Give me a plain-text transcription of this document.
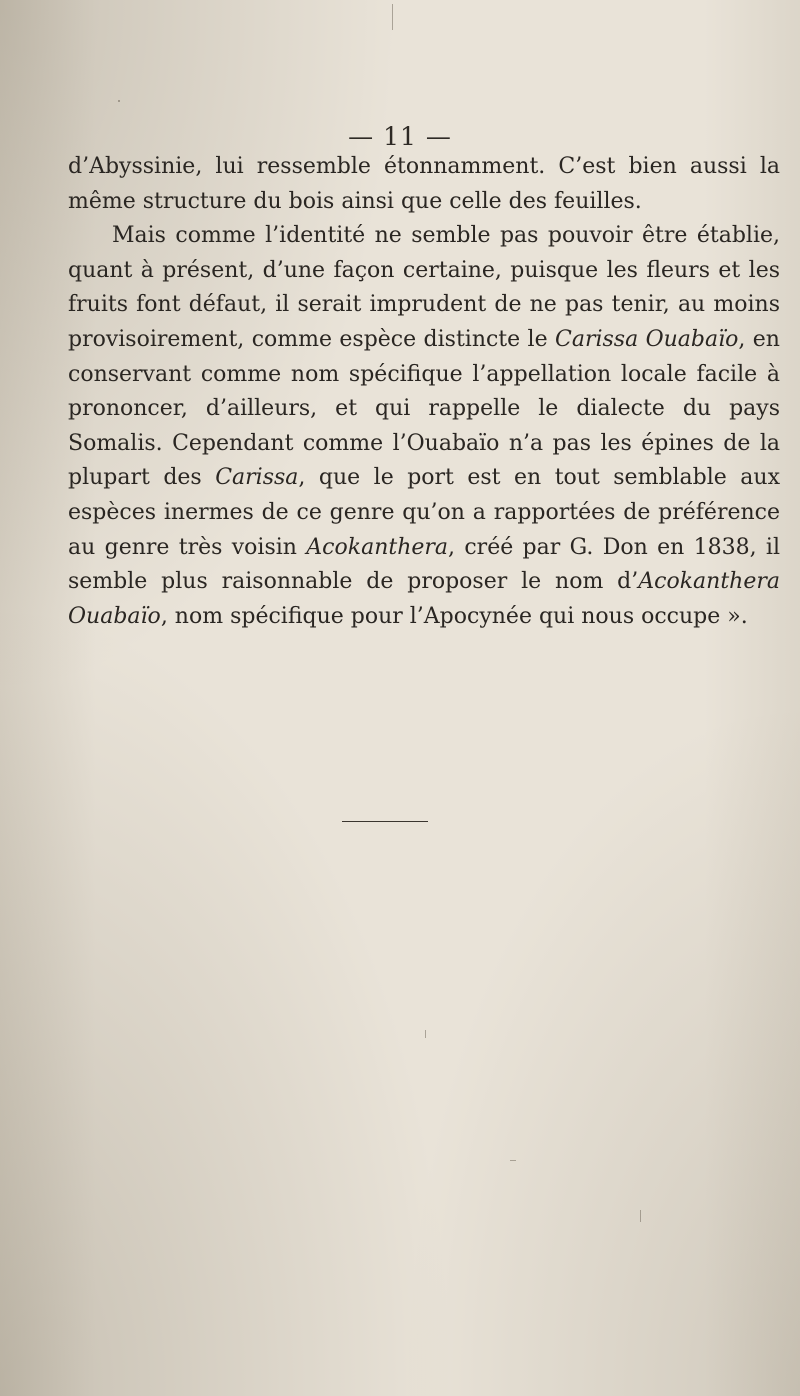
— 11 —

d’Abyssinie, lui ressemble étonnamment. C’est bien aussi la même structure du bois ainsi que celle des feuilles.

Mais comme l’identité ne semble pas pouvoir être établie, quant à présent, d’une façon certaine, puisque les fleurs et les fruits font défaut, il serait imprudent de ne pas tenir, au moins provisoirement, comme espèce distincte le Carissa Ouabaïo, en conservant comme nom spécifique l’appellation locale facile à prononcer, d’ailleurs, et qui rappelle le dialecte du pays Somalis. Cependant comme l’Ouabaïo n’a pas les épines de la plupart des Carissa, que le port est en tout semblable aux espèces inermes de ce genre qu’on a rapportées de préférence au genre très voisin Acokanthera, créé par G. Don en 1838, il semble plus raisonnable de proposer le nom d’Acokanthera Ouabaïo, nom spécifique pour l’Apocynée qui nous occupe ».
